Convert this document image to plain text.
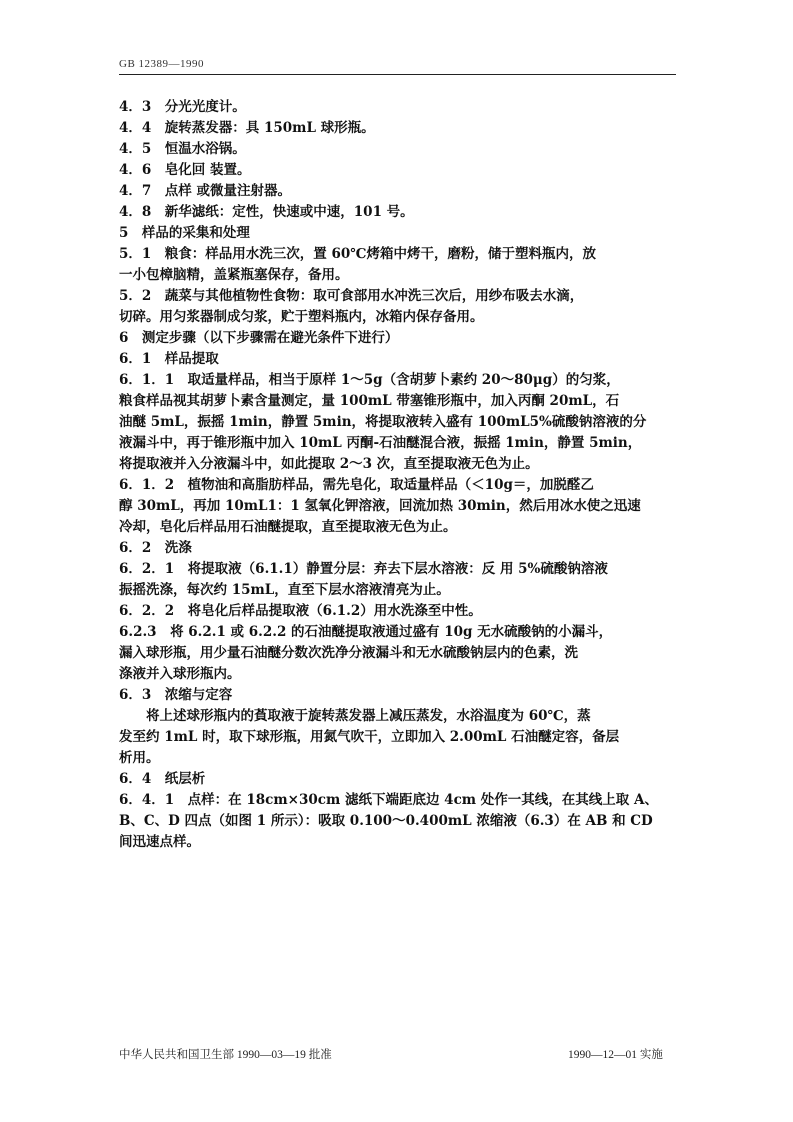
GB 12389—1990
4．3　分光光度计。
4．4　旋转蒸发器：具 150mL 球形瓶。
4．5　恒温水浴锅。
4．6　皂化回 装置。
4．7　点样 或微量注射器。
4．8　新华滤纸：定性，快速或中速，101 号。
5　样品的采集和处理
5．1　粮食：样品用水洗三次，置 60℃烤箱中烤干，磨粉，储于塑料瓶内，放
一小包樟脑精，盖紧瓶塞保存，备用。
5．2　蔬菜与其他植物性食物：取可食部用水冲洗三次后，用纱布吸去水滴，
切碎。用匀浆器制成匀浆，贮于塑料瓶内，冰箱内保存备用。
6　测定步骤（以下步骤需在避光条件下进行）
6．1　样品提取
6．1．1　取适量样品，相当于原样 1～5g（含胡萝卜素约 20～80μg）的匀浆，
粮食样品视其胡萝卜素含量测定，量 100mL 带塞锥形瓶中，加入丙酮 20mL，石
油醚 5mL，振摇 1min，静置 5min，将提取液转入盛有 100mL5%硫酸钠溶液的分
液漏斗中，再于锥形瓶中加入 10mL 丙酮-石油醚混合液，振摇 1min，静置 5min，
将提取液并入分液漏斗中，如此提取 2～3 次，直至提取液无色为止。
6．1．2　植物油和高脂肪样品，需先皂化，取适量样品（＜10g＝，加脱醛乙
醇 30mL，再加 10mL1：1 氢氧化钾溶液，回流加热 30min，然后用冰水使之迅速
冷却，皂化后样品用石油醚提取，直至提取液无色为止。
6．2　洗涤
6．2．1　将提取液（6.1.1）静置分层：弃去下层水溶液：反 用 5%硫酸钠溶液
振摇洗涤，每次约 15mL，直至下层水溶液清亮为止。
6．2．2　将皂化后样品提取液（6.1.2）用水洗涤至中性。
6.2.3　将 6.2.1 或 6.2.2 的石油醚提取液通过盛有 10g 无水硫酸钠的小漏斗，
漏入球形瓶，用少量石油醚分数次洗净分液漏斗和无水硫酸钠层内的色素，洗
涤液并入球形瓶内。
6．3　浓缩与定容
　　将上述球形瓶内的萯取液于旋转蒸发器上减压蒸发，水浴温度为 60℃，蒸
发至约 1mL 时，取下球形瓶，用氮气吹干，立即加入 2.00mL 石油醚定容，备层
析用。
6．4　纸层析
6．4．1　点样：在 18cm×30cm 滤纸下端距底边 4cm 处作一其线，在其线上取 A、
B、C、D 四点（如图 1 所示）：吸取 0.100～0.400mL 浓缩液（6.3）在 AB 和 CD
间迅速点样。
中华人民共和国卫生部 1990—03—19 批准	1990—12—01 实施
